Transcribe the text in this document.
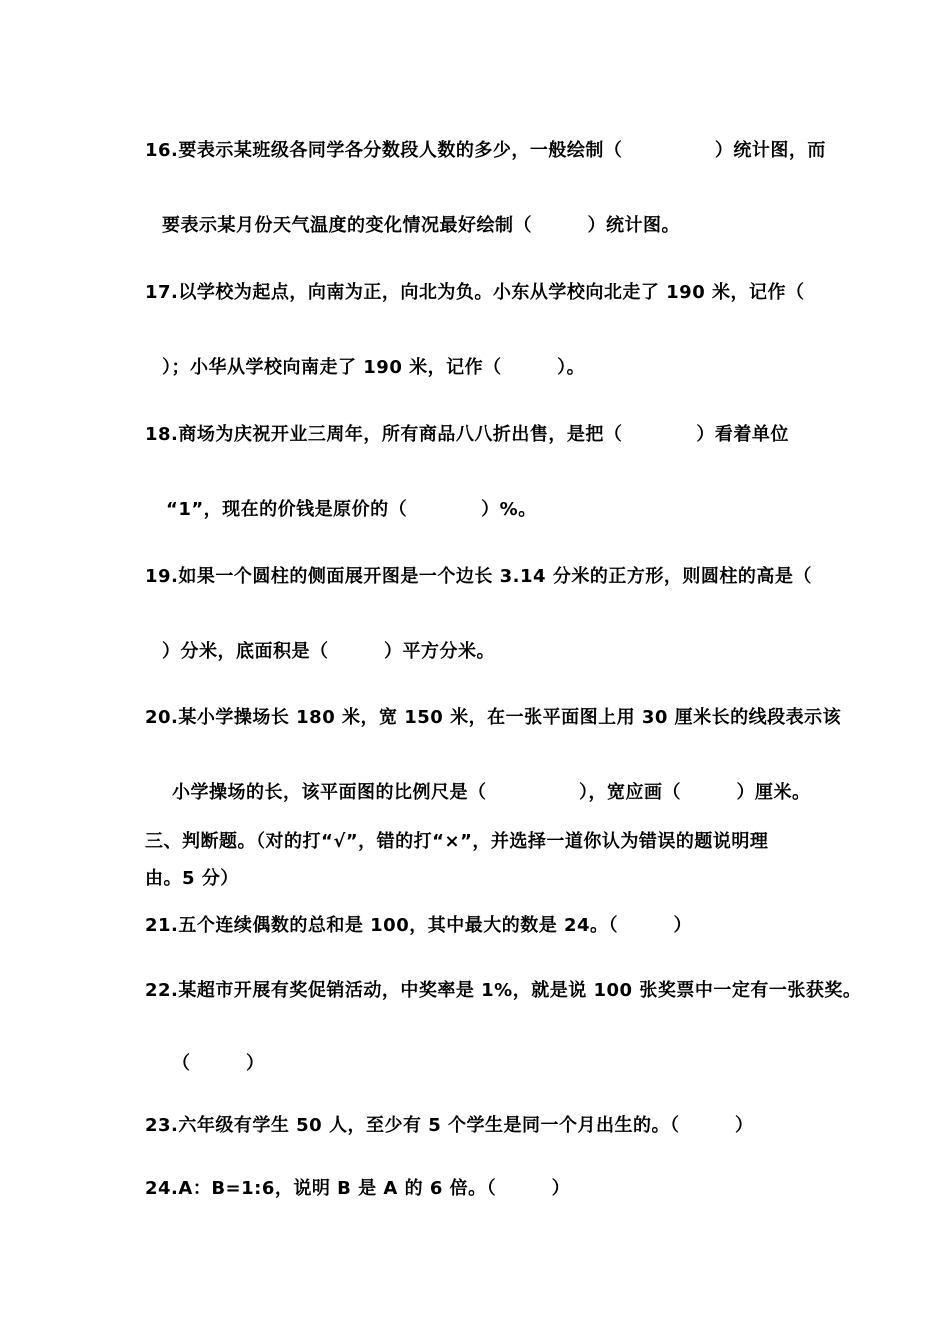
16.要表示某班级各同学各分数段人数的多少，一般绘制（　　　　　）统计图，而
要表示某月份天气温度的变化情况最好绘制（　　　）统计图。
17.以学校为起点，向南为正，向北为负。小东从学校向北走了 190 米，记作（
）；小华从学校向南走了 190 米，记作（　　　）。
18.商场为庆祝开业三周年，所有商品八八折出售，是把（　　　　）看着单位
“1”，现在的价钱是原价的（　　　　）%。
19.如果一个圆柱的侧面展开图是一个边长 3.14 分米的正方形，则圆柱的高是（
）分米，底面积是（　　　）平方分米。
20.某小学操场长 180 米，宽 150 米，在一张平面图上用 30 厘米长的线段表示该
小学操场的长，该平面图的比例尺是（　　　　　），宽应画（　　　）厘米。
三、判断题。（对的打“√”，错的打“×”，并选择一道你认为错误的题说明理
由。5 分）
21.五个连续偶数的总和是 100，其中最大的数是 24。（　　　）
22.某超市开展有奖促销活动，中奖率是 1%，就是说 100 张奖票中一定有一张获奖。
（　　　）
23.六年级有学生 50 人，至少有 5 个学生是同一个月出生的。（　　　）
24.A：B=1:6，说明 B 是 A 的 6 倍。（　　　）
